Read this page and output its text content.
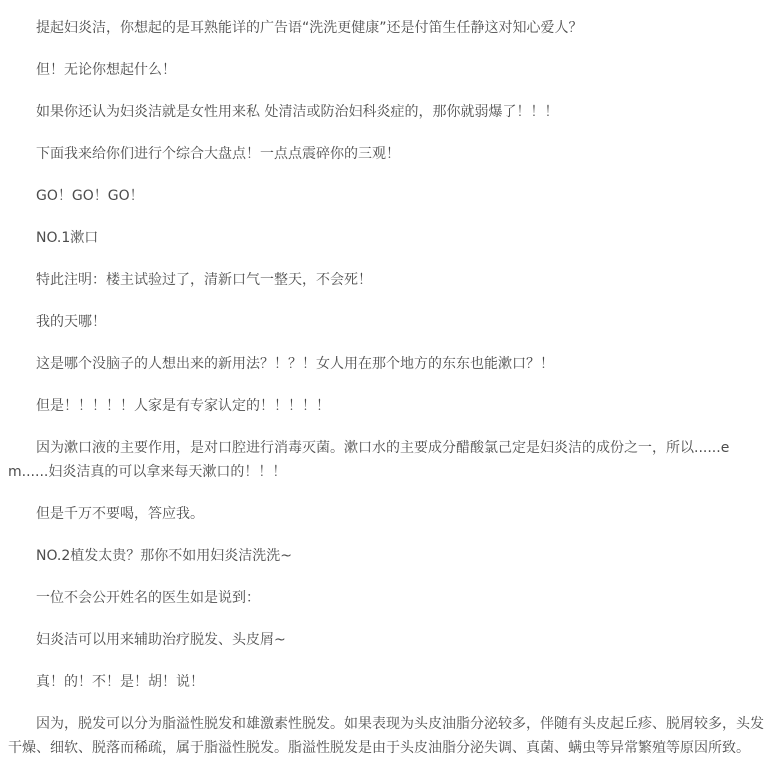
提起妇炎洁，你想起的是耳熟能详的广告语“洗洗更健康”还是付笛生任静这对知心爱人？

但！无论你想起什么！

如果你还认为妇炎洁就是女性用来私 处清洁或防治妇科炎症的，那你就弱爆了！！！

下面我来给你们进行个综合大盘点！一点点震碎你的三观！

GO！GO！GO！

NO.1漱口

特此注明：楼主试验过了，清新口气一整天，不会死！

我的天哪！

这是哪个没脑子的人想出来的新用法？！？！女人用在那个地方的东东也能漱口？！

但是！！！！！人家是有专家认定的！！！！！

因为漱口液的主要作用，是对口腔进行消毒灭菌。漱口水的主要成分醋酸氯己定是妇炎洁的成份之一，所以......em......妇炎洁真的可以拿来每天漱口的！！！

但是千万不要喝，答应我。

NO.2植发太贵？那你不如用妇炎洁洗洗~

一位不会公开姓名的医生如是说到：

妇炎洁可以用来辅助治疗脱发、头皮屑~

真！的！不！是！胡！说！

因为，脱发可以分为脂溢性脱发和雄激素性脱发。如果表现为头皮油脂分泌较多，伴随有头皮起丘疹、脱屑较多，头发干燥、细软、脱落而稀疏，属于脂溢性脱发。脂溢性脱发是由于头皮油脂分泌失调、真菌、螨虫等异常繁殖等原因所致。
